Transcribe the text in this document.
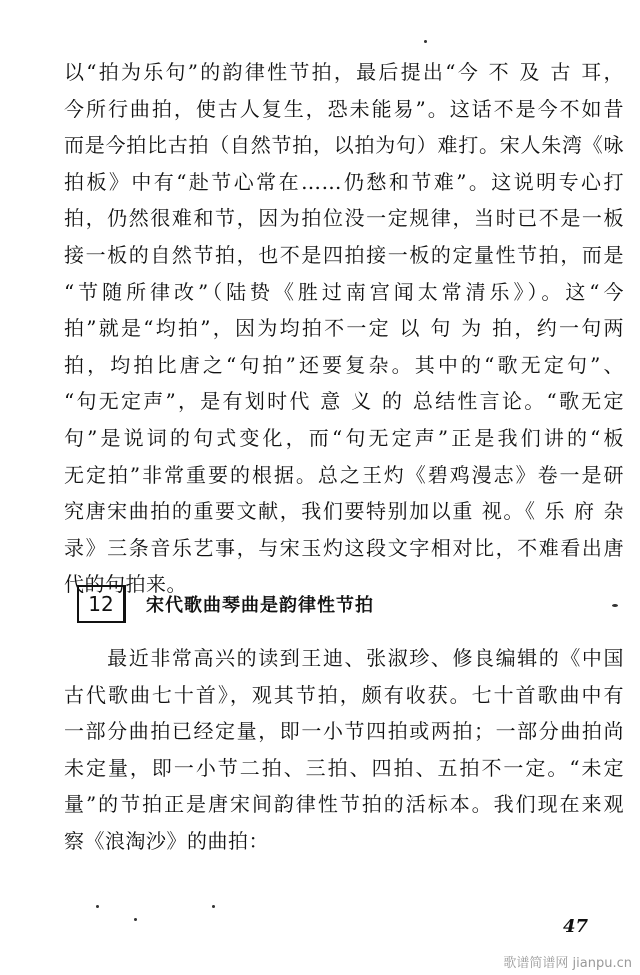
以“拍为乐句”的韵律性节拍，最后提出“今 不 及 古 耳，
今所行曲拍，使古人复生，恐未能易”。这话不是今不如昔
而是今拍比古拍（自然节拍，以拍为句）难打。宋人朱湾《咏
拍板》中有“赴节心常在……仍愁和节难”。这说明专心打
拍，仍然很难和节，因为拍位没一定规律，当时已不是一板
接一板的自然节拍，也不是四拍接一板的定量性节拍，而是
“节随所律改”（陆贽《胜过南宫闻太常清乐》）。这“今
拍”就是“均拍”，因为均拍不一定 以 句 为 拍，约一句两
拍，均拍比唐之“句拍”还要复杂。其中的“歌无定句”、
“句无定声”，是有划时代 意 义 的 总结性言论。“歌无定
句”是说词的句式变化，而“句无定声”正是我们讲的“板
无定拍”非常重要的根据。总之王灼《碧鸡漫志》卷一是研
究唐宋曲拍的重要文献，我们要特别加以重 视。《 乐 府 杂
录》三条音乐艺事，与宋玉灼这段文字相对比，不难看出唐
代的句拍来。
12	宋代歌曲琴曲是韵律性节拍
　　最近非常高兴的读到王迪、张淑珍、修良编辑的《中国
古代歌曲七十首》，观其节拍，颇有收获。七十首歌曲中有
一部分曲拍已经定量，即一小节四拍或两拍；一部分曲拍尚
未定量，即一小节二拍、三拍、四拍、五拍不一定。“未定
量”的节拍正是唐宋间韵律性节拍的活标本。我们现在来观
察《浪淘沙》的曲拍：
47
歌谱简谱网 jianpu.cn
